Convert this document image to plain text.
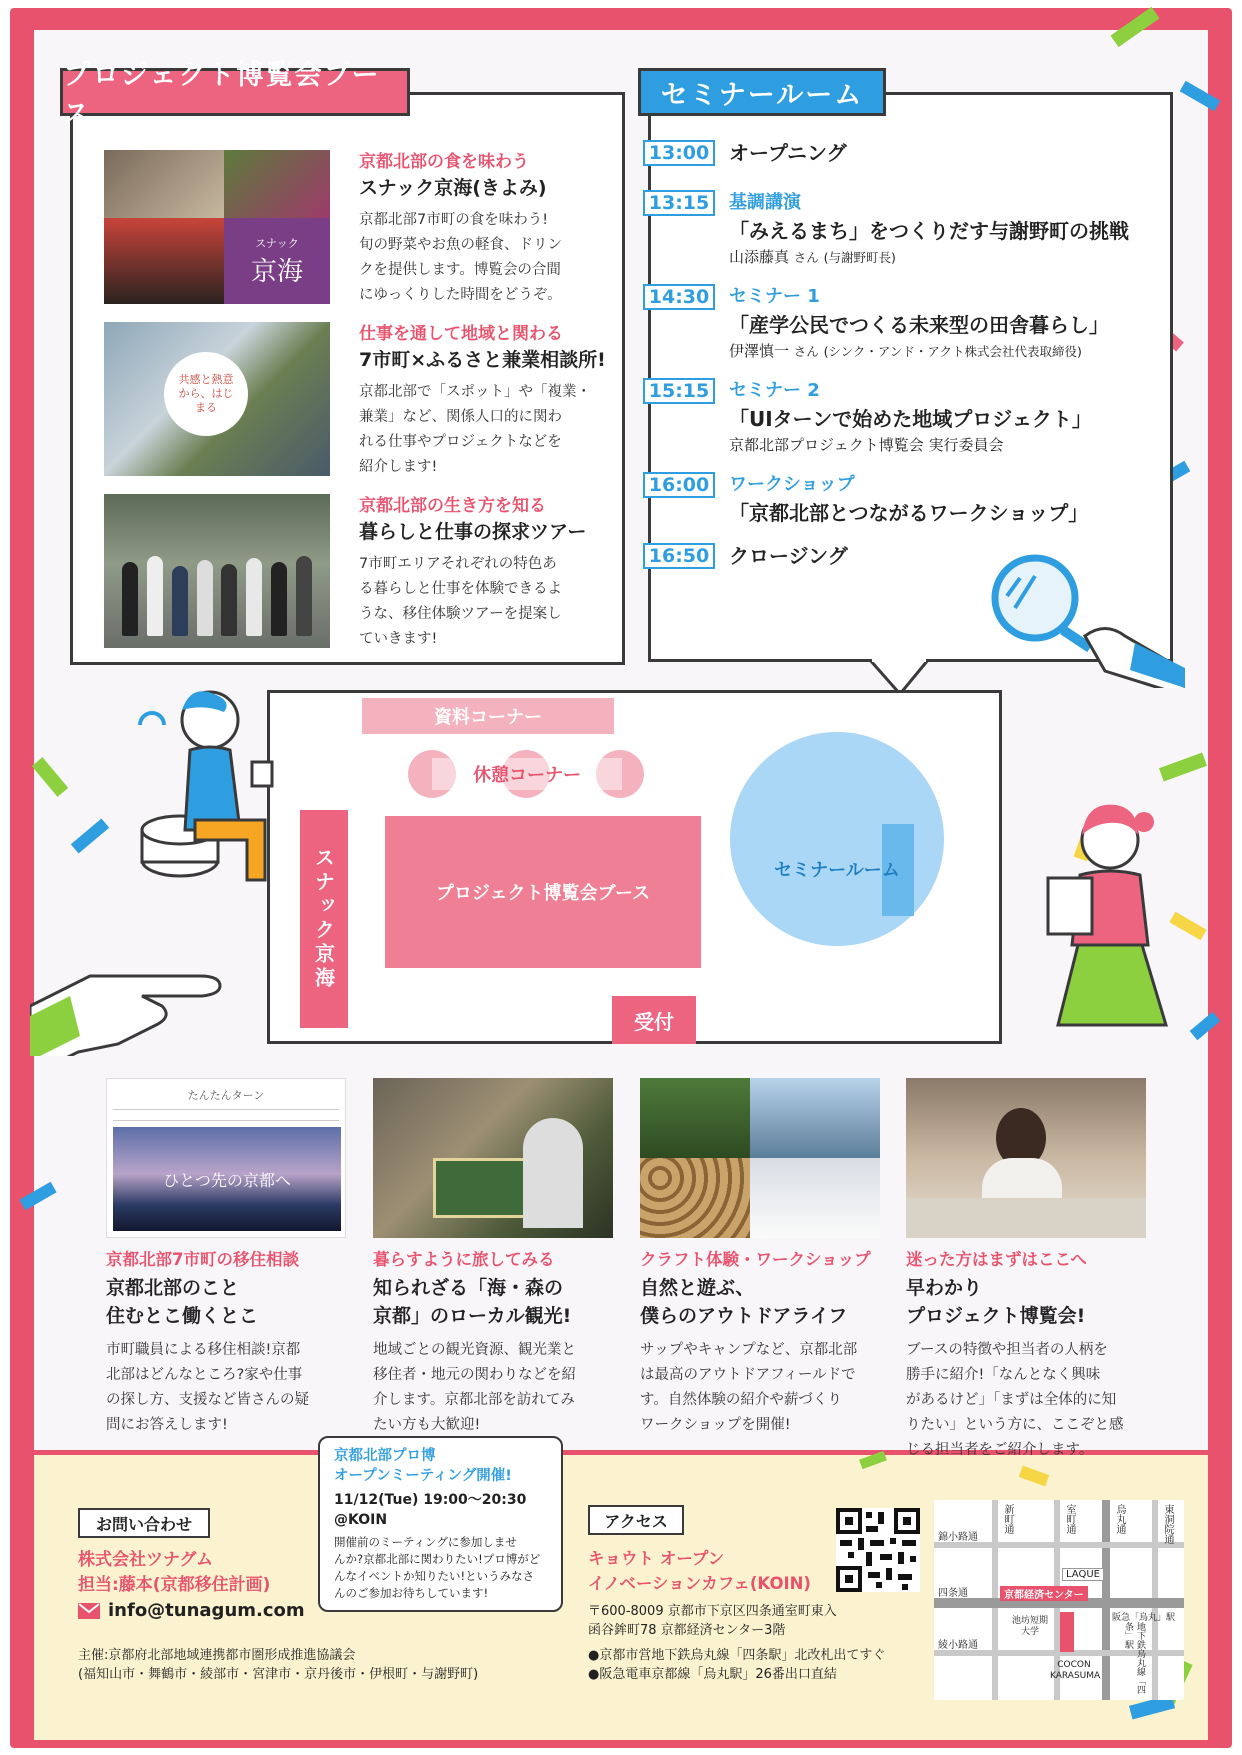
プロジェクト博覧会ブース
スナック
京海
京都北部の食を味わう
スナック京海(きよみ)
京都北部7市町の食を味わう!
旬の野菜やお魚の軽食、ドリン
クを提供します。博覧会の合間
にゆっくりした時間をどうぞ。
共感と熱意から、はじまる
仕事を通して地域と関わる
7市町×ふるさと兼業相談所!
京都北部で「スポット」や「複業・
兼業」など、関係人口的に関わ
れる仕事やプロジェクトなどを
紹介します!
京都北部の生き方を知る
暮らしと仕事の探求ツアー
7市町エリアそれぞれの特色あ
る暮らしと仕事を体験できるよ
うな、移住体験ツアーを提案し
ていきます!
セミナールーム
13:00 オープニング
13:15	基調講演
「みえるまち」をつくりだす与謝野町の挑戦
山添藤真 さん (与謝野町長)
14:30	セミナー 1
「産学公民でつくる未来型の田舎暮らし」
伊澤慎一 さん (シンク・アンド・アクト株式会社代表取締役)
15:15	セミナー 2
「UIターンで始めた地域プロジェクト」
京都北部プロジェクト博覧会 実行委員会
16:00	ワークショップ
「京都北部とつながるワークショップ」
16:50 クロージング
資料コーナー
休憩コーナー
スナック京海	プロジェクト博覧会ブース
セミナールーム
受付
たんたんターン
ひとつ先の京都へ
京都北部7市町の移住相談
京都北部のこと
住むとこ働くとこ
市町職員による移住相談!京都
北部はどんなところ?家や仕事
の探し方、支援など皆さんの疑
問にお答えします!
暮らすように旅してみる
知られざる「海・森の
京都」のローカル観光!
地域ごとの観光資源、観光業と
移住者・地元の関わりなどを紹
介します。京都北部を訪れてみ
たい方も大歓迎!
クラフト体験・ワークショップ
自然と遊ぶ、
僕らのアウトドアライフ
サップやキャンプなど、京都北部
は最高のアウトドアフィールドで
す。自然体験の紹介や薪づくり
ワークショップを開催!
迷った方はまずはここへ
早わかり
プロジェクト博覧会!
ブースの特徴や担当者の人柄を
勝手に紹介!「なんとなく興味
があるけど」「まずは全体的に知
りたい」という方に、ここぞと感
じる担当者をご紹介します。
京都北部プロ博
オープンミーティング開催!
11/12(Tue) 19:00〜20:30
@KOIN
開催前のミーティングに参加しませ
んか?京都北部に関わりたい!プロ博がど
んなイベントか知りたい!というみなさ
んのご参加お待ちしています!
お問い合わせ
株式会社ツナグム
担当:藤本(京都移住計画)
info@tunagum.com
主催:京都府北部地域連携都市圏形成推進協議会
(福知山市・舞鶴市・綾部市・宮津市・京丹後市・伊根町・与謝野町)
アクセス
キョウト オープン
イノベーションカフェ(KOIN)
〒600-8009 京都市下京区四条通室町東入
函谷鉾町78 京都経済センター3階
●京都市営地下鉄烏丸線「四条駅」北改札出てすぐ
●阪急電車京都線「烏丸駅」26番出口直結
新町通	室町通	烏丸通	東洞院通
錦小路通
四条通
綾小路通
LAQUE
京都経済センター
阪急「烏丸」駅
地下鉄烏丸線「四条」駅
池坊短期大学
COCON KARASUMA
